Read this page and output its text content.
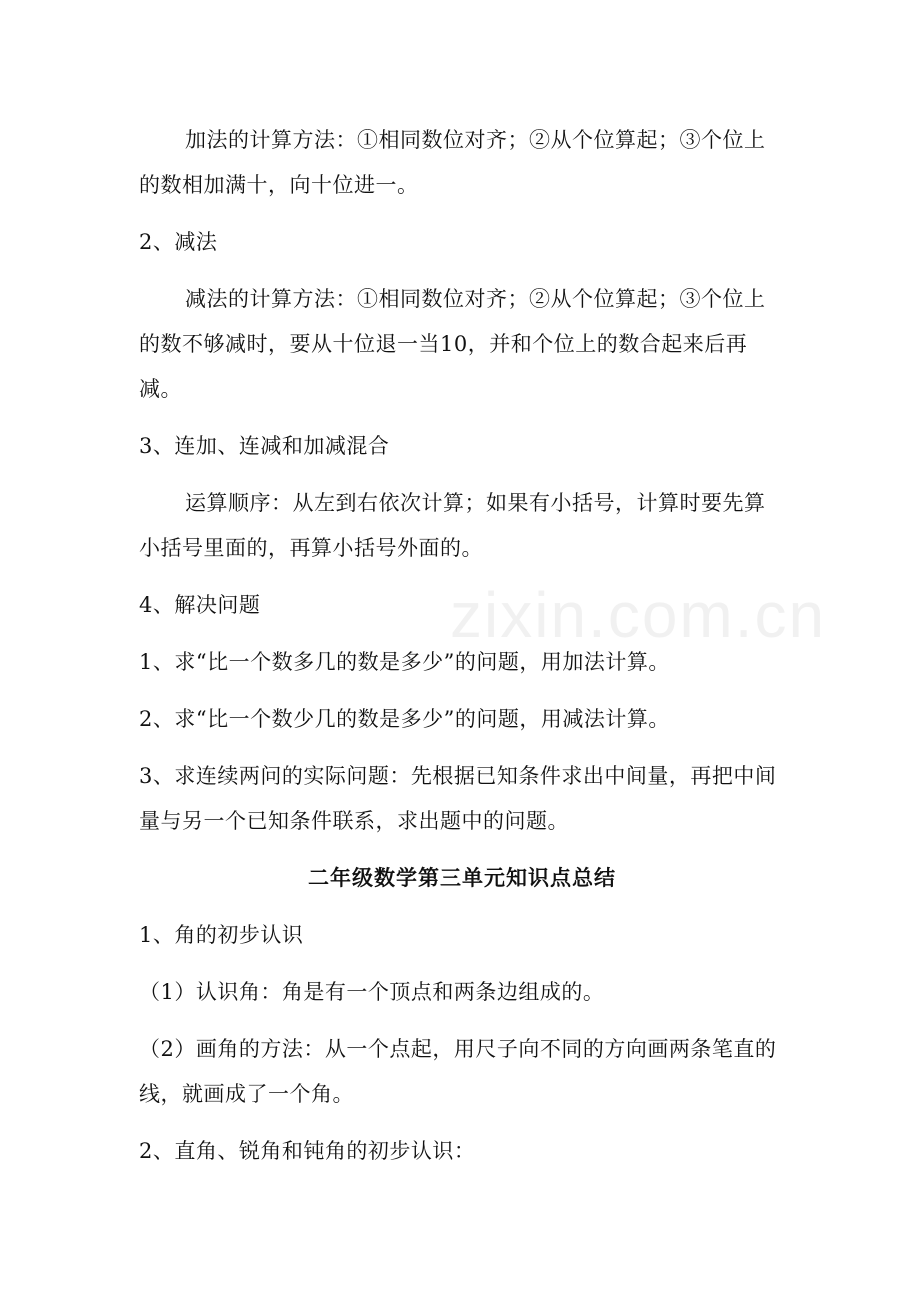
zixin.com.cn

加法的计算方法：①相同数位对齐；②从个位算起；③个位上的数相加满十，向十位进一。

2、减法

减法的计算方法：①相同数位对齐；②从个位算起；③个位上的数不够减时，要从十位退一当10，并和个位上的数合起来后再减。

3、连加、连减和加减混合

运算顺序：从左到右依次计算；如果有小括号，计算时要先算小括号里面的，再算小括号外面的。

4、解决问题

1、求“比一个数多几的数是多少”的问题，用加法计算。

2、求“比一个数少几的数是多少”的问题，用减法计算。

3、求连续两问的实际问题：先根据已知条件求出中间量，再把中间量与另一个已知条件联系，求出题中的问题。

二年级数学第三单元知识点总结

1、角的初步认识

（1）认识角：角是有一个顶点和两条边组成的。

（2）画角的方法：从一个点起，用尺子向不同的方向画两条笔直的线，就画成了一个角。

2、直角、锐角和钝角的初步认识：
